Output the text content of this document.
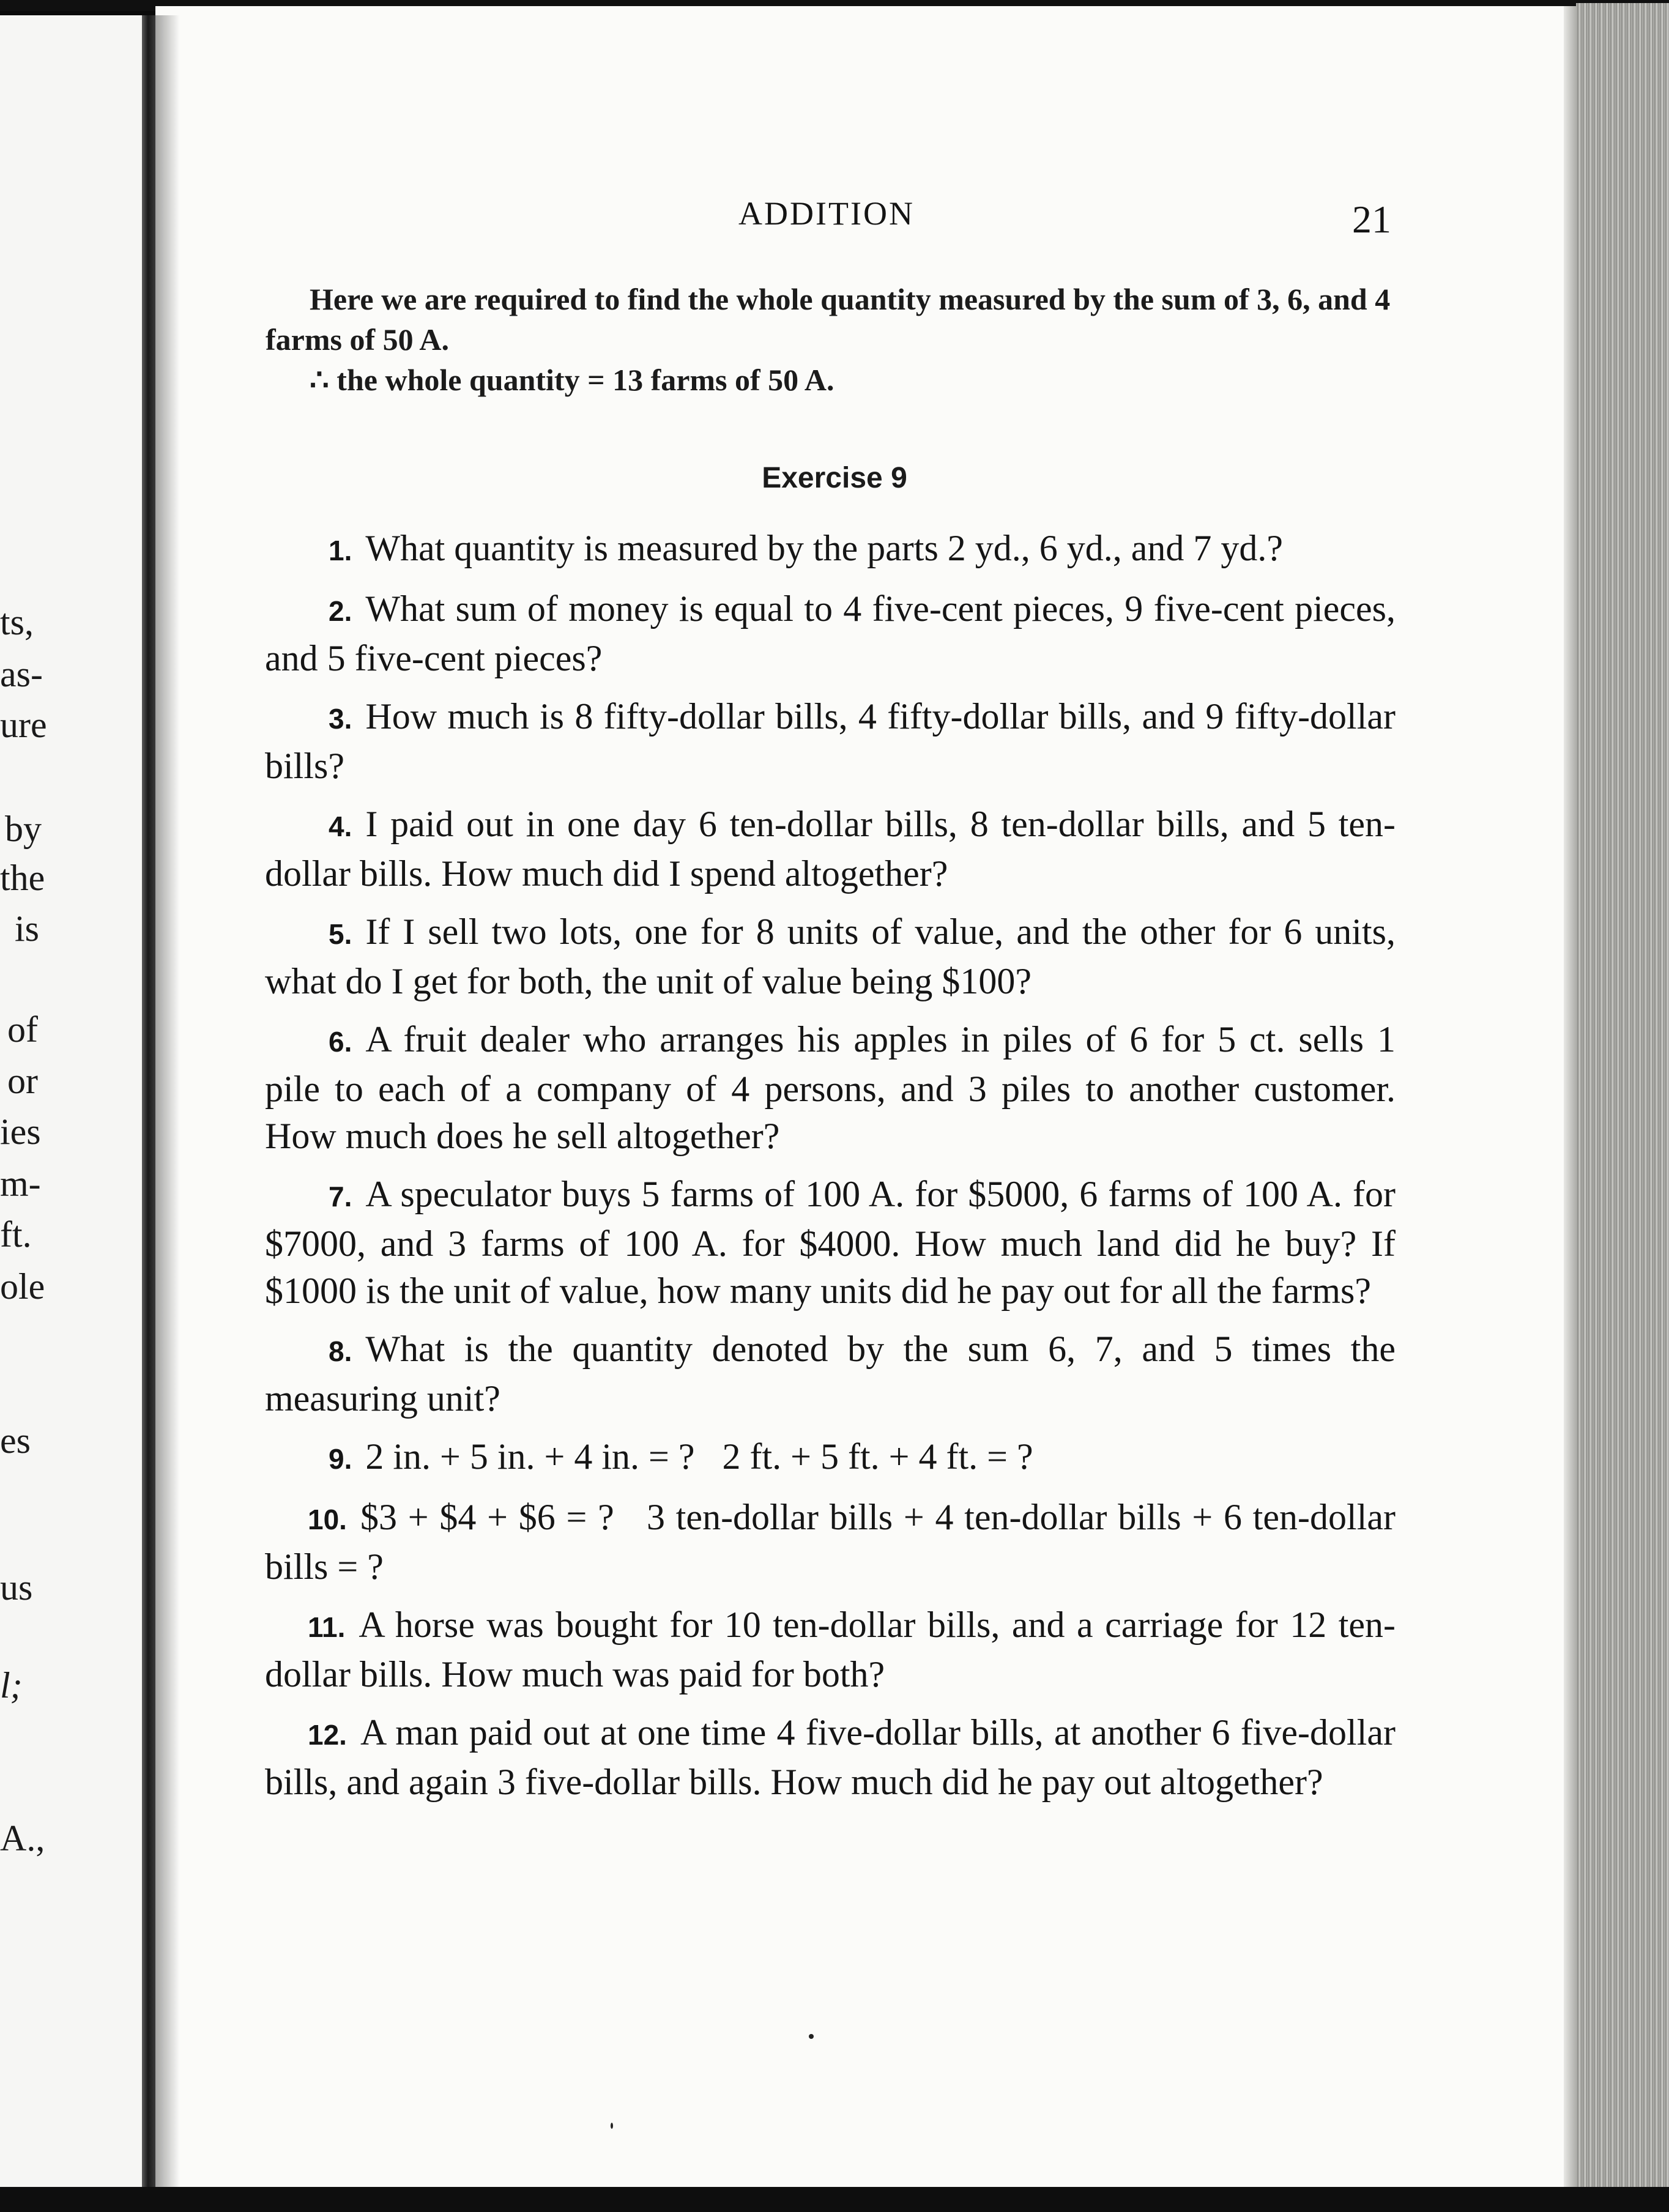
ts,
as-
ure
by
the
is
of
or
ies
m-
ft.
ole
es
us
l;
A.,
ADDITION	21

Here we are required to find the whole quantity measured by the sum of 3, 6, and 4 farms of 50 A.

∴ the whole quantity = 13 farms of 50 A.

Exercise 9

1. What quantity is measured by the parts 2 yd., 6 yd., and 7 yd.?

2. What sum of money is equal to 4 five-cent pieces, 9 five-cent pieces, and 5 five-cent pieces?

3. How much is 8 fifty-dollar bills, 4 fifty-dollar bills, and 9 fifty-dollar bills?

4. I paid out in one day 6 ten-dollar bills, 8 ten-dollar bills, and 5 ten-dollar bills. How much did I spend altogether?

5. If I sell two lots, one for 8 units of value, and the other for 6 units, what do I get for both, the unit of value being $100?

6. A fruit dealer who arranges his apples in piles of 6 for 5 ct. sells 1 pile to each of a company of 4 persons, and 3 piles to another customer. How much does he sell altogether?

7. A speculator buys 5 farms of 100 A. for $5000, 6 farms of 100 A. for $7000, and 3 farms of 100 A. for $4000. How much land did he buy? If $1000 is the unit of value, how many units did he pay out for all the farms?

8. What is the quantity denoted by the sum 6, 7, and 5 times the measuring unit?

9. 2 in. + 5 in. + 4 in. = ?   2 ft. + 5 ft. + 4 ft. = ?

10. $3 + $4 + $6 = ?   3 ten-dollar bills + 4 ten-dollar bills + 6 ten-dollar bills = ?

11. A horse was bought for 10 ten-dollar bills, and a carriage for 12 ten-dollar bills. How much was paid for both?

12. A man paid out at one time 4 five-dollar bills, at another 6 five-dollar bills, and again 3 five-dollar bills. How much did he pay out altogether?
